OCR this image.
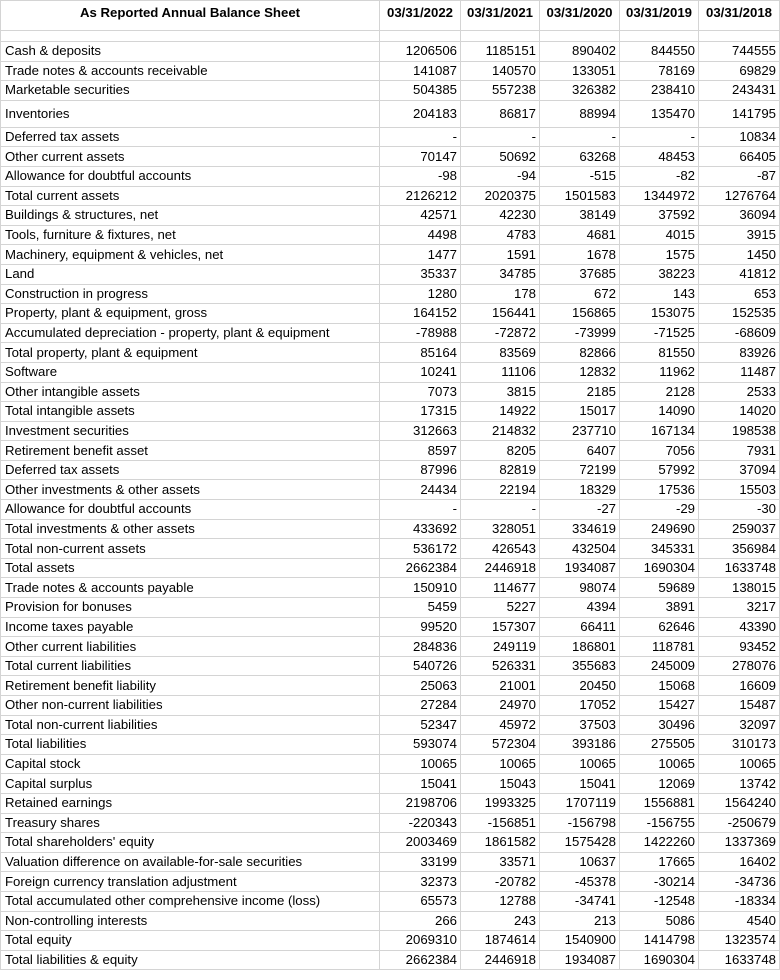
As Reported Annual Balance Sheet	03/31/2022	03/31/2021	03/31/2020	03/31/2019	03/31/2018

Cash & deposits	1206506	1185151	890402	844550	744555
Trade notes & accounts receivable	141087	140570	133051	78169	69829
Marketable securities	504385	557238	326382	238410	243431
Inventories	204183	86817	88994	135470	141795
Deferred tax assets	-	-	-	-	10834
Other current assets	70147	50692	63268	48453	66405
Allowance for doubtful accounts	-98	-94	-515	-82	-87
Total current assets	2126212	2020375	1501583	1344972	1276764
Buildings & structures, net	42571	42230	38149	37592	36094
Tools, furniture & fixtures, net	4498	4783	4681	4015	3915
Machinery, equipment & vehicles, net	1477	1591	1678	1575	1450
Land	35337	34785	37685	38223	41812
Construction in progress	1280	178	672	143	653
Property, plant & equipment, gross	164152	156441	156865	153075	152535
Accumulated depreciation - property, plant & equipment	-78988	-72872	-73999	-71525	-68609
Total property, plant & equipment	85164	83569	82866	81550	83926
Software	10241	11106	12832	11962	11487
Other intangible assets	7073	3815	2185	2128	2533
Total intangible assets	17315	14922	15017	14090	14020
Investment securities	312663	214832	237710	167134	198538
Retirement benefit asset	8597	8205	6407	7056	7931
Deferred tax assets	87996	82819	72199	57992	37094
Other investments & other assets	24434	22194	18329	17536	15503
Allowance for doubtful accounts	-	-	-27	-29	-30
Total investments & other assets	433692	328051	334619	249690	259037
Total non-current assets	536172	426543	432504	345331	356984
Total assets	2662384	2446918	1934087	1690304	1633748
Trade notes & accounts payable	150910	114677	98074	59689	138015
Provision for bonuses	5459	5227	4394	3891	3217
Income taxes payable	99520	157307	66411	62646	43390
Other current liabilities	284836	249119	186801	118781	93452
Total current liabilities	540726	526331	355683	245009	278076
Retirement benefit liability	25063	21001	20450	15068	16609
Other non-current liabilities	27284	24970	17052	15427	15487
Total non-current liabilities	52347	45972	37503	30496	32097
Total liabilities	593074	572304	393186	275505	310173
Capital stock	10065	10065	10065	10065	10065
Capital surplus	15041	15043	15041	12069	13742
Retained earnings	2198706	1993325	1707119	1556881	1564240
Treasury shares	-220343	-156851	-156798	-156755	-250679
Total shareholders' equity	2003469	1861582	1575428	1422260	1337369
Valuation difference on available-for-sale securities	33199	33571	10637	17665	16402
Foreign currency translation adjustment	32373	-20782	-45378	-30214	-34736
Total accumulated other comprehensive income (loss)	65573	12788	-34741	-12548	-18334
Non-controlling interests	266	243	213	5086	4540
Total equity	2069310	1874614	1540900	1414798	1323574
Total liabilities & equity	2662384	2446918	1934087	1690304	1633748
